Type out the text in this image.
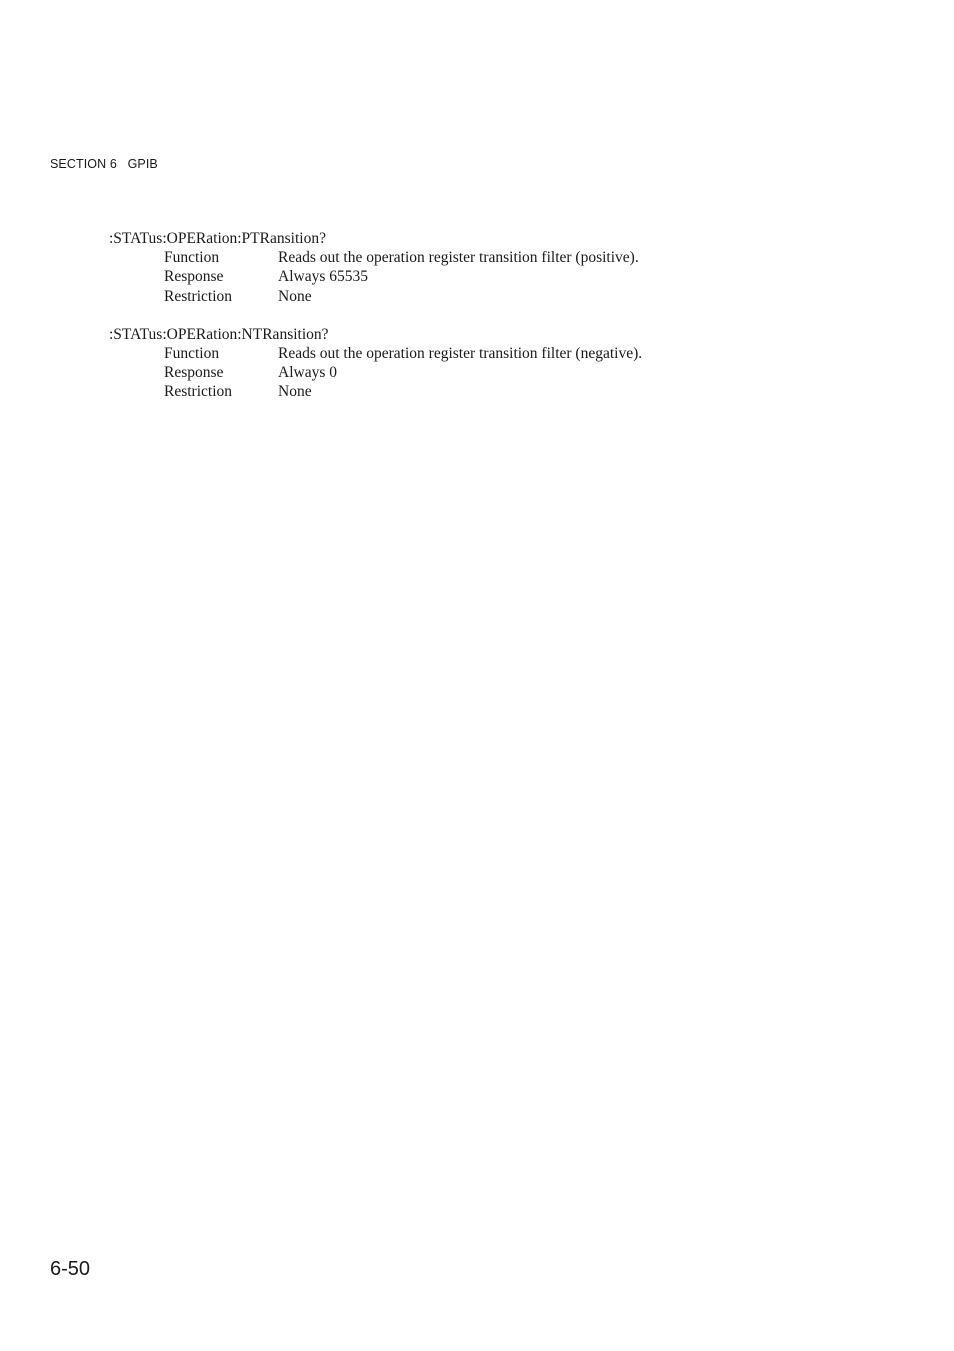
SECTION 6   GPIB
:STATus:OPERation:PTRansition?
Function	Reads out the operation register transition filter (positive).
Response	Always 65535
Restriction	None
:STATus:OPERation:NTRansition?
Function	Reads out the operation register transition filter (negative).
Response	Always 0
Restriction	None
6-50
